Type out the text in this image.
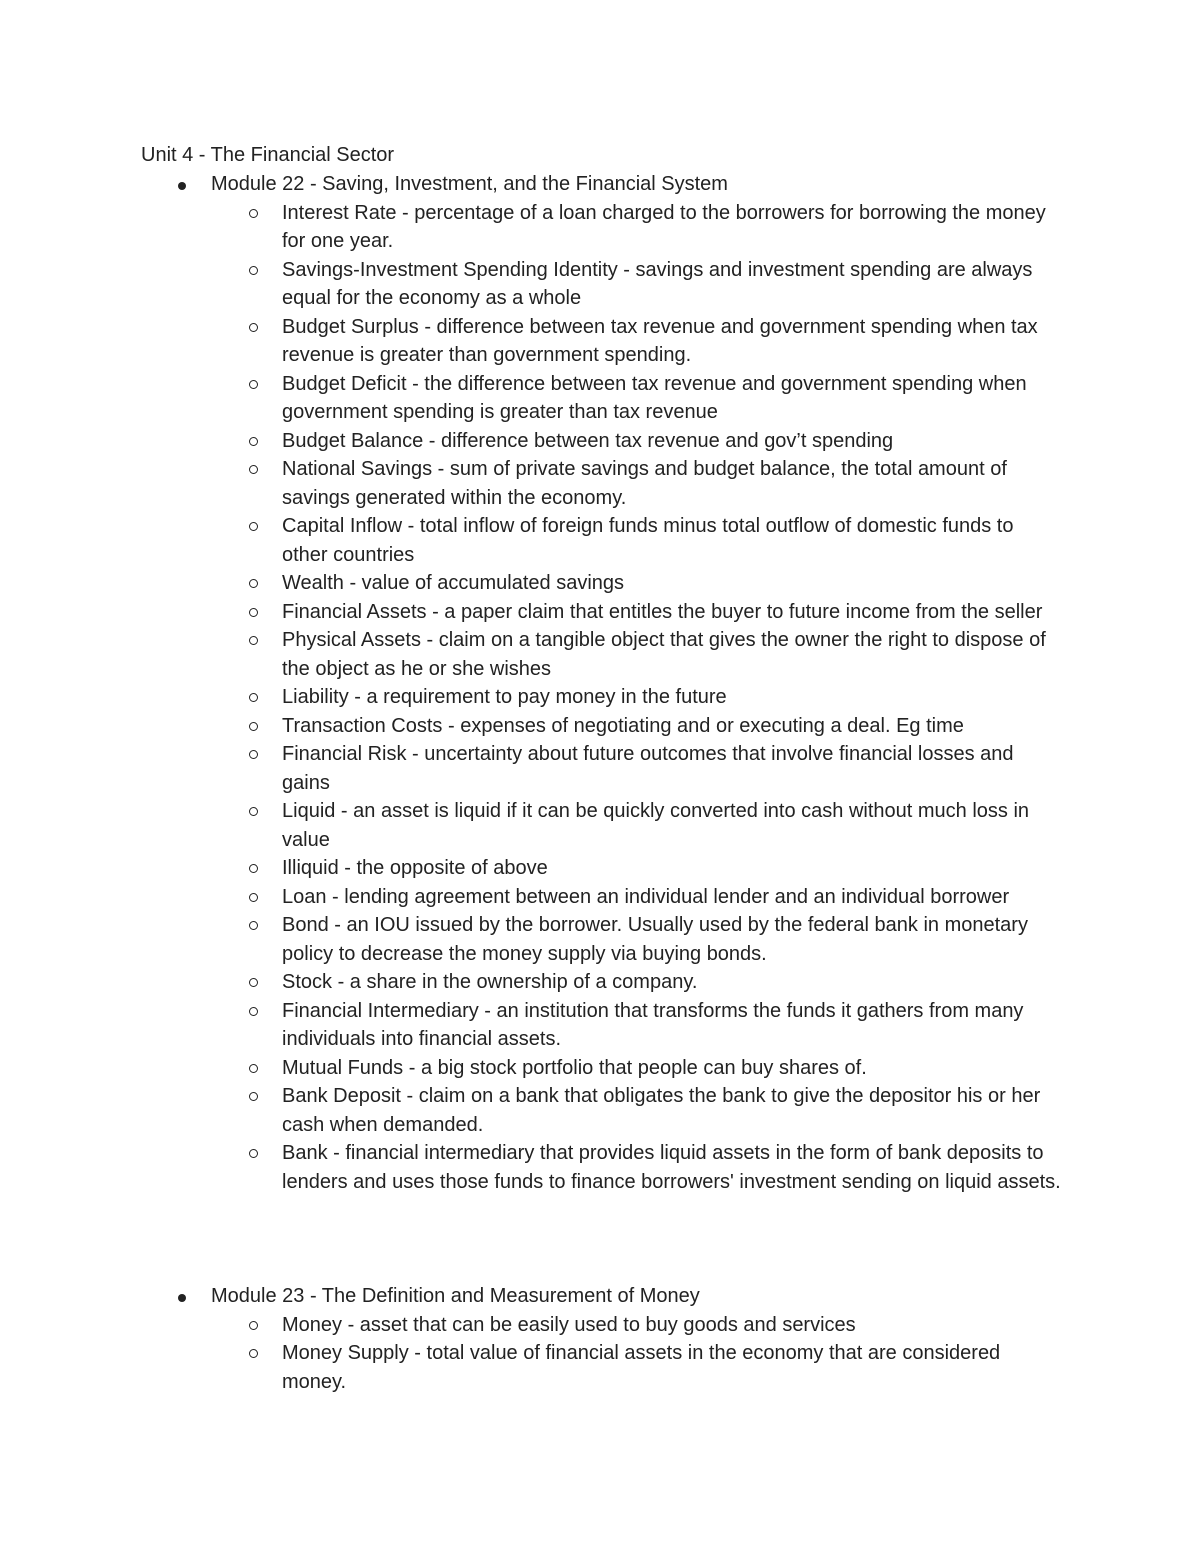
Unit 4 - The Financial Sector
Module 22 - Saving, Investment, and the Financial System
Interest Rate - percentage of a loan charged to the borrowers for borrowing the money for one year.
Savings-Investment Spending Identity - savings and investment spending are always equal for the economy as a whole
Budget Surplus - difference between tax revenue and government spending when tax revenue is greater than government spending.
Budget Deficit - the difference between tax revenue and government spending when government spending is greater than tax revenue
Budget Balance - difference between tax revenue and gov’t spending
National Savings - sum of private savings and budget balance, the total amount of savings generated within the economy.
Capital Inflow - total inflow of foreign funds minus total outflow of domestic funds to other countries
Wealth - value of accumulated savings
Financial Assets - a paper claim that entitles the buyer to future income from the seller
Physical Assets - claim on a tangible object that gives the owner the right to dispose of the object as he or she wishes
Liability - a requirement to pay money in the future
Transaction Costs - expenses of negotiating and or executing a deal. Eg time
Financial Risk - uncertainty about future outcomes that involve financial losses and gains
Liquid - an asset is liquid if it can be quickly converted into cash without much loss in value
Illiquid - the opposite of above
Loan - lending agreement between an individual lender and an individual borrower
Bond - an IOU issued by the borrower. Usually used by the federal bank in monetary policy to decrease the money supply via buying bonds.
Stock - a share in the ownership of a company.
Financial Intermediary - an institution that transforms the funds it gathers from many individuals into financial assets.
Mutual Funds - a big stock portfolio that people can buy shares of.
Bank Deposit - claim on a bank that obligates the bank to give the depositor his or her cash when demanded.
Bank - financial intermediary that provides liquid assets in the form of bank deposits to lenders and uses those funds to finance borrowers' investment sending on liquid assets.
Module 23 - The Definition and Measurement of Money
Money - asset that can be easily used to buy goods and services
Money Supply - total value of financial assets in the economy that are considered money.
